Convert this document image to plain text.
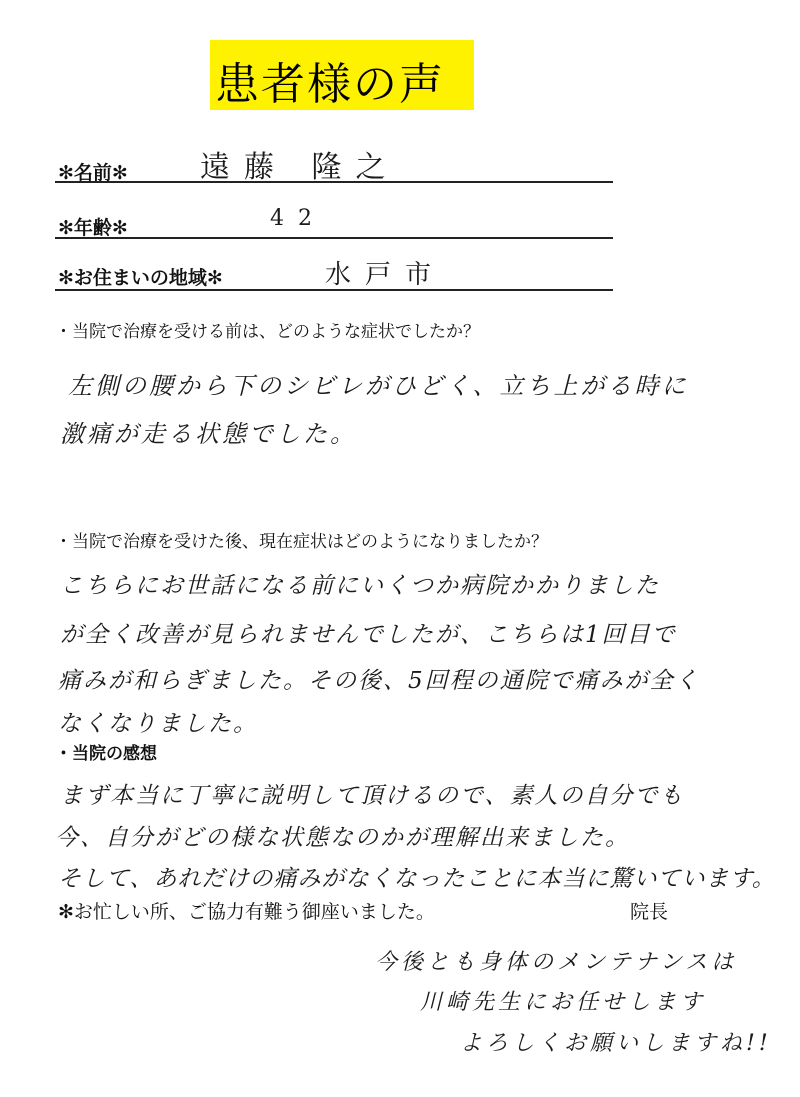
患者様の声
✻名前✻ 遠藤 隆之
✻年齢✻	42
✻お住まいの地域✻	水戸市
・当院で治療を受ける前は、どのような症状でしたか？
左側の腰から下のシビレがひどく、立ち上がる時に
激痛が走る状態でした。
・当院で治療を受けた後、現在症状はどのようになりましたか？
こちらにお世話になる前にいくつか病院かかりました
が全く改善が見られませんでしたが、こちらは1回目で
痛みが和らぎました。その後、5回程の通院で痛みが全く
なくなりました。
・当院の感想
まず本当に丁寧に説明して頂けるので、素人の自分でも
今、自分がどの様な状態なのかが理解出来ました。
そして、あれだけの痛みがなくなったことに本当に驚いています。
✻お忙しい所、ご協力有難う御座いました。	院長
今後とも身体のメンテナンスは
川崎先生にお任せします
よろしくお願いしますね!!
